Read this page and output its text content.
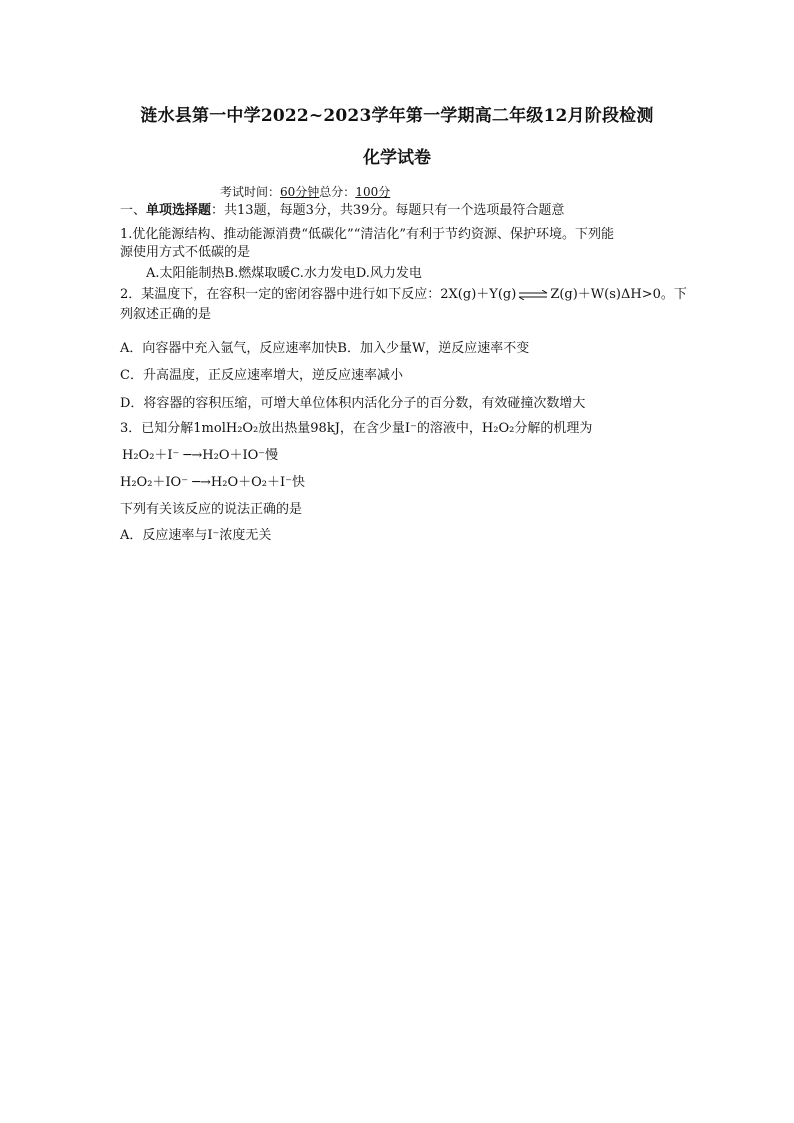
涟水县第一中学2022~2023学年第一学期高二年级12月阶段检测
化学试卷
考试时间：60分钟总分：100分
一、单项选择题：共13题，每题3分，共39分。每题只有一个选项最符合题意
1.优化能源结构、推动能源消费“低碳化”“清洁化”有利于节约资源、保护环境。下列能
源使用方式不低碳的是
A.太阳能制热B.燃煤取暖C.水力发电D.风力发电
2．某温度下，在容积一定的密闭容器中进行如下反应：2X(g)＋Y(g) ⇌ Z(g)＋W(s)ΔH>0。下
列叙述正确的是
A．向容器中充入氩气，反应速率加快B．加入少量W，逆反应速率不变
C．升高温度，正反应速率增大，逆反应速率减小
D．将容器的容积压缩，可增大单位体积内活化分子的百分数，有效碰撞次数增大
3．已知分解1molH₂O₂放出热量98kJ，在含少量I⁻的溶液中，H₂O₂分解的机理为
H₂O₂＋I⁻ ─→H₂O＋IO⁻慢
H₂O₂＋IO⁻ ─→H₂O＋O₂＋I⁻快
下列有关该反应的说法正确的是
A．反应速率与I⁻浓度无关
